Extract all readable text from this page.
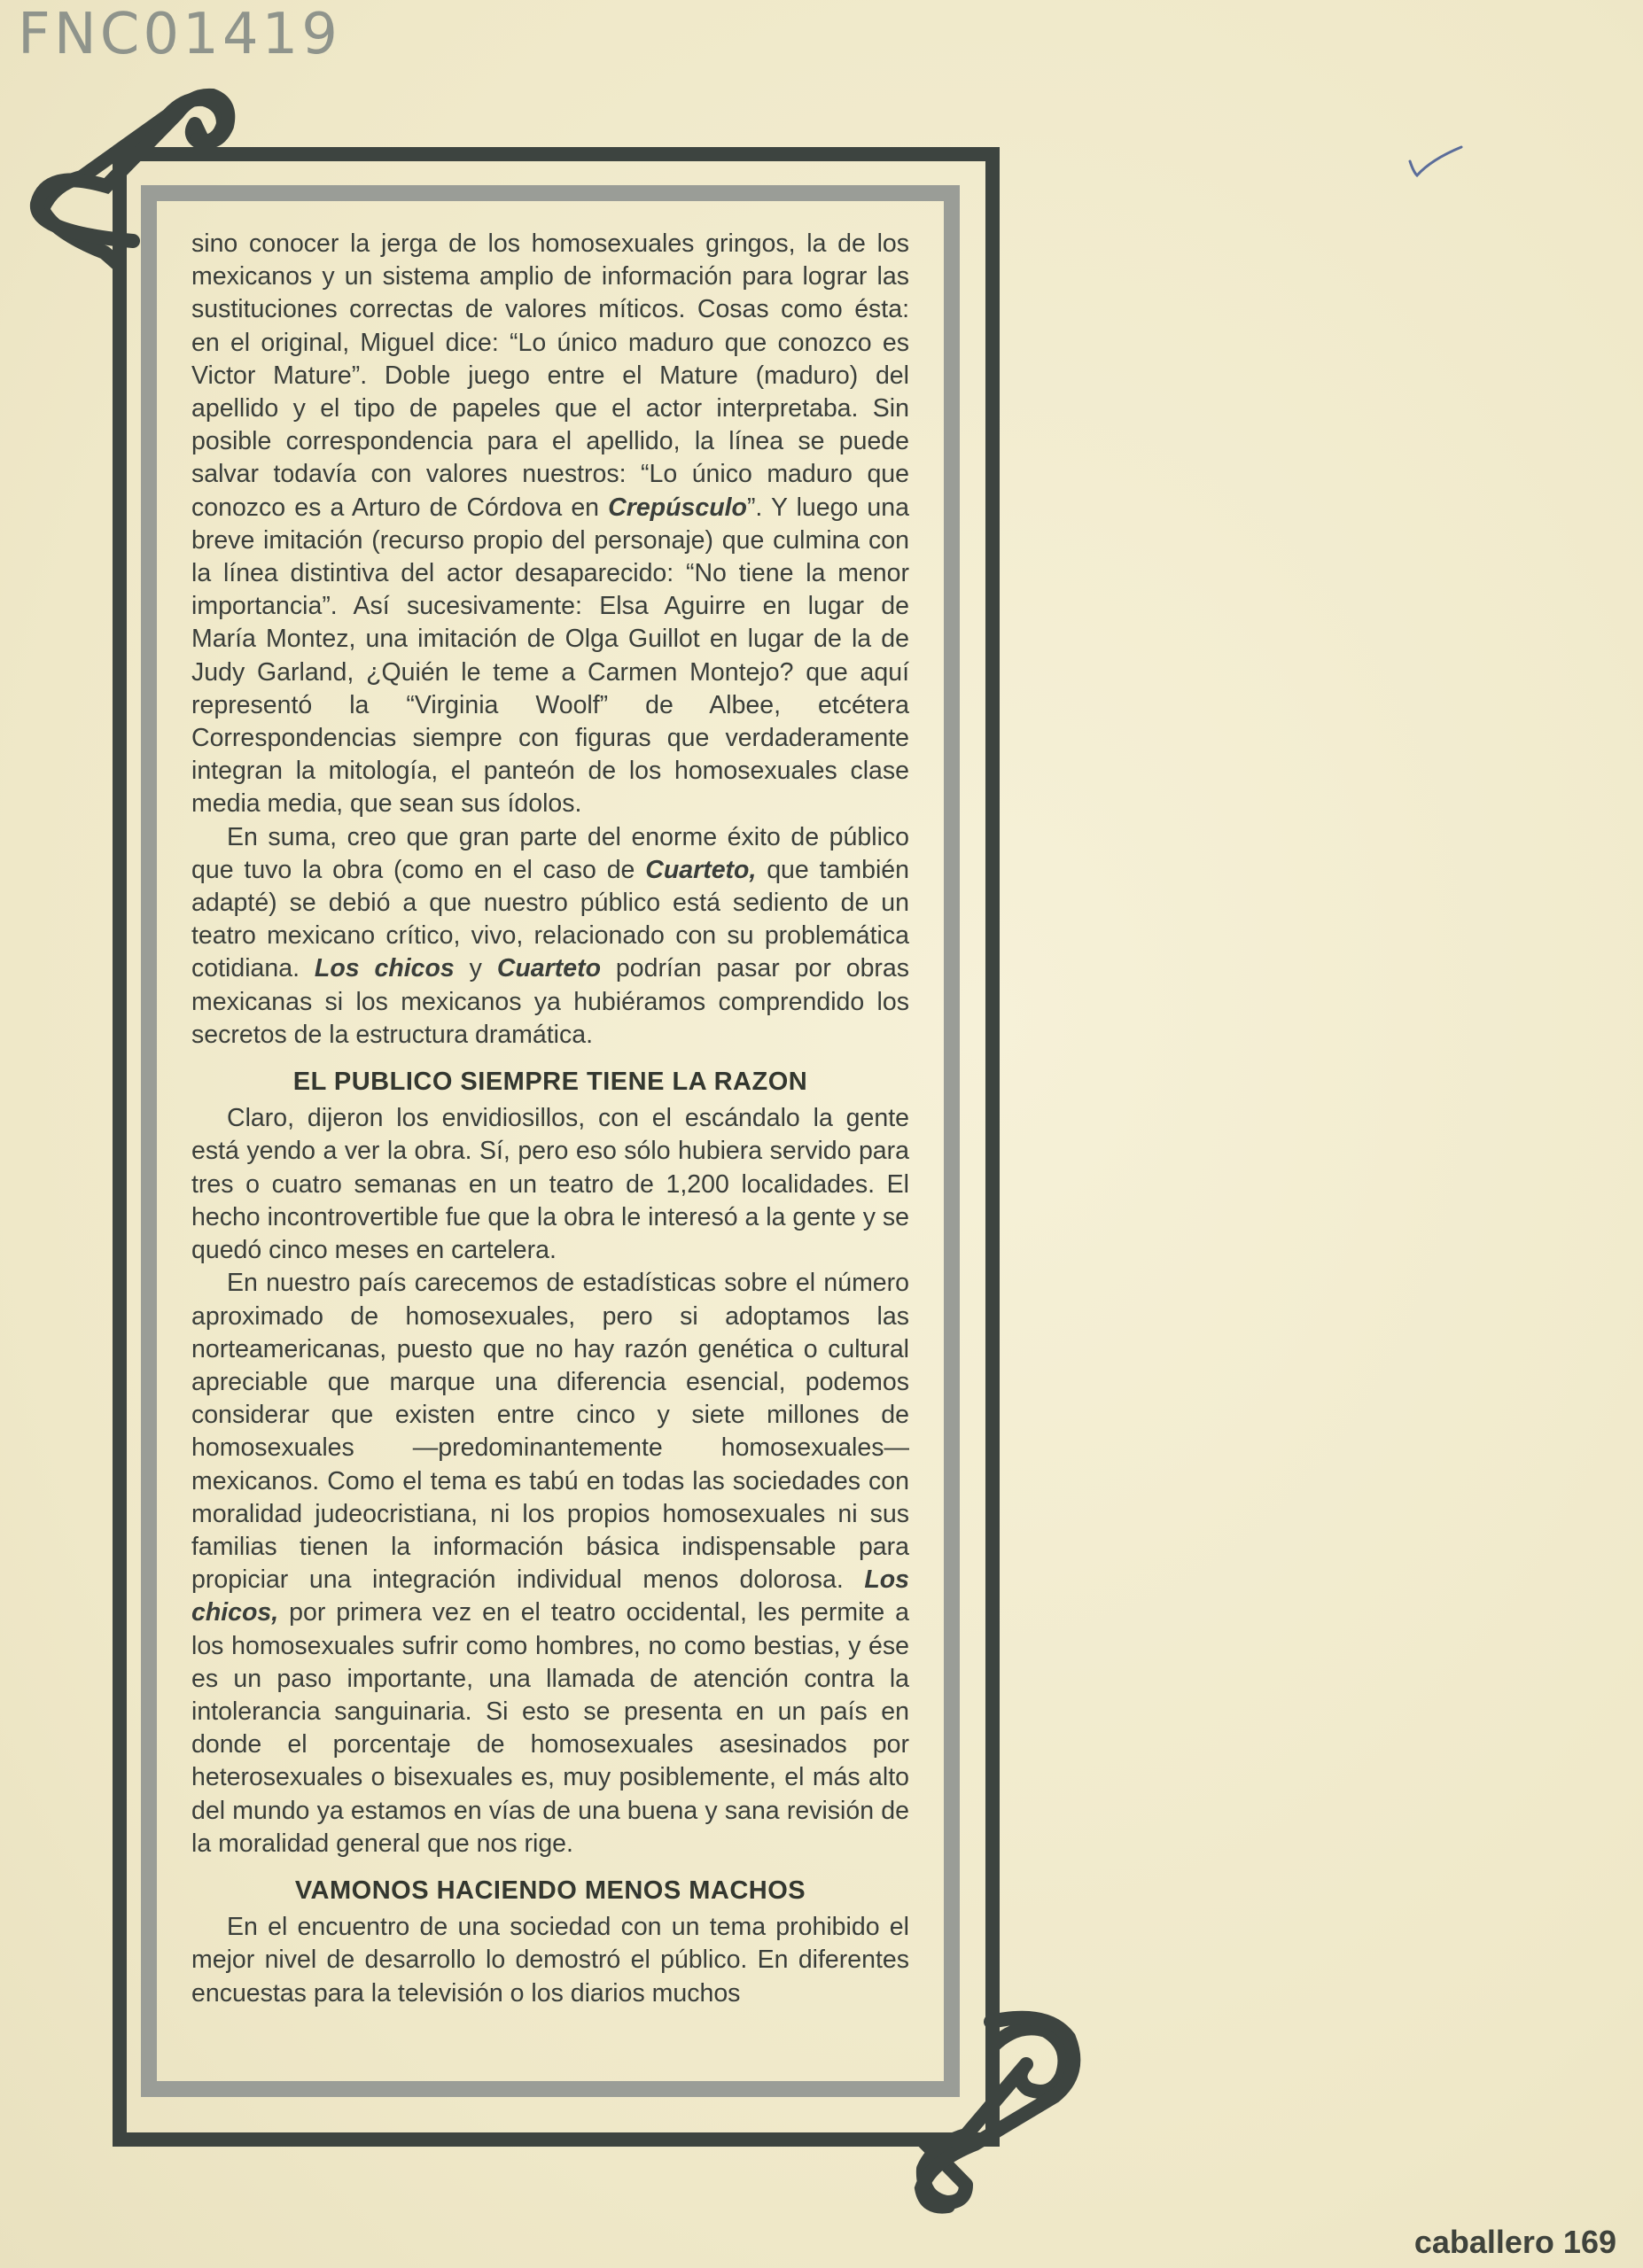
FNC01419

sino conocer la jerga de los homosexuales gringos, la de los mexicanos y un sistema amplio de información para lograr las sustituciones correctas de valores míticos. Cosas como ésta: en el original, Miguel dice: “Lo único maduro que conozco es Victor Mature”. Doble juego entre el Mature (maduro) del apellido y el tipo de papeles que el actor interpretaba. Sin posible correspondencia para el apellido, la línea se puede salvar todavía con valores nuestros: “Lo único maduro que conozco es a Arturo de Córdova en Crepúsculo”. Y luego una breve imitación (recurso propio del personaje) que culmina con la línea distintiva del actor desaparecido: “No tiene la menor importancia”. Así sucesivamente: Elsa Aguirre en lugar de María Montez, una imitación de Olga Guillot en lugar de la de Judy Garland, ¿Quién le teme a Carmen Montejo? que aquí representó la “Virginia Woolf” de Albee, etcétera Correspondencias siempre con figuras que verdaderamente integran la mitología, el panteón de los homosexuales clase media media, que sean sus ídolos.

En suma, creo que gran parte del enorme éxito de público que tuvo la obra (como en el caso de Cuarteto, que también adapté) se debió a que nuestro público está sediento de un teatro mexicano crítico, vivo, relacionado con su problemática cotidiana. Los chicos y Cuarteto podrían pasar por obras mexicanas si los mexicanos ya hubiéramos comprendido los secretos de la estructura dramática.

EL PUBLICO SIEMPRE TIENE LA RAZON

Claro, dijeron los envidiosillos, con el escándalo la gente está yendo a ver la obra. Sí, pero eso sólo hubiera servido para tres o cuatro semanas en un teatro de 1,200 localidades. El hecho incontrovertible fue que la obra le interesó a la gente y se quedó cinco meses en cartelera.

En nuestro país carecemos de estadísticas sobre el número aproximado de homosexuales, pero si adoptamos las norteamericanas, puesto que no hay razón genética o cultural apreciable que marque una diferencia esencial, podemos considerar que existen entre cinco y siete millones de homosexuales —predominantemente homosexuales— mexicanos. Como el tema es tabú en todas las sociedades con moralidad judeocristiana, ni los propios homosexuales ni sus familias tienen la información básica indispensable para propiciar una integración individual menos dolorosa. Los chicos, por primera vez en el teatro occidental, les permite a los homosexuales sufrir como hombres, no como bestias, y ése es un paso importante, una llamada de atención contra la intolerancia sanguinaria. Si esto se presenta en un país en donde el porcentaje de homosexuales asesinados por heterosexuales o bisexuales es, muy posiblemente, el más alto del mundo ya estamos en vías de una buena y sana revisión de la moralidad general que nos rige.

VAMONOS HACIENDO MENOS MACHOS

En el encuentro de una sociedad con un tema prohibido el mejor nivel de desarrollo lo demostró el público. En diferentes encuestas para la televisión o los diarios muchos

caballero 169
